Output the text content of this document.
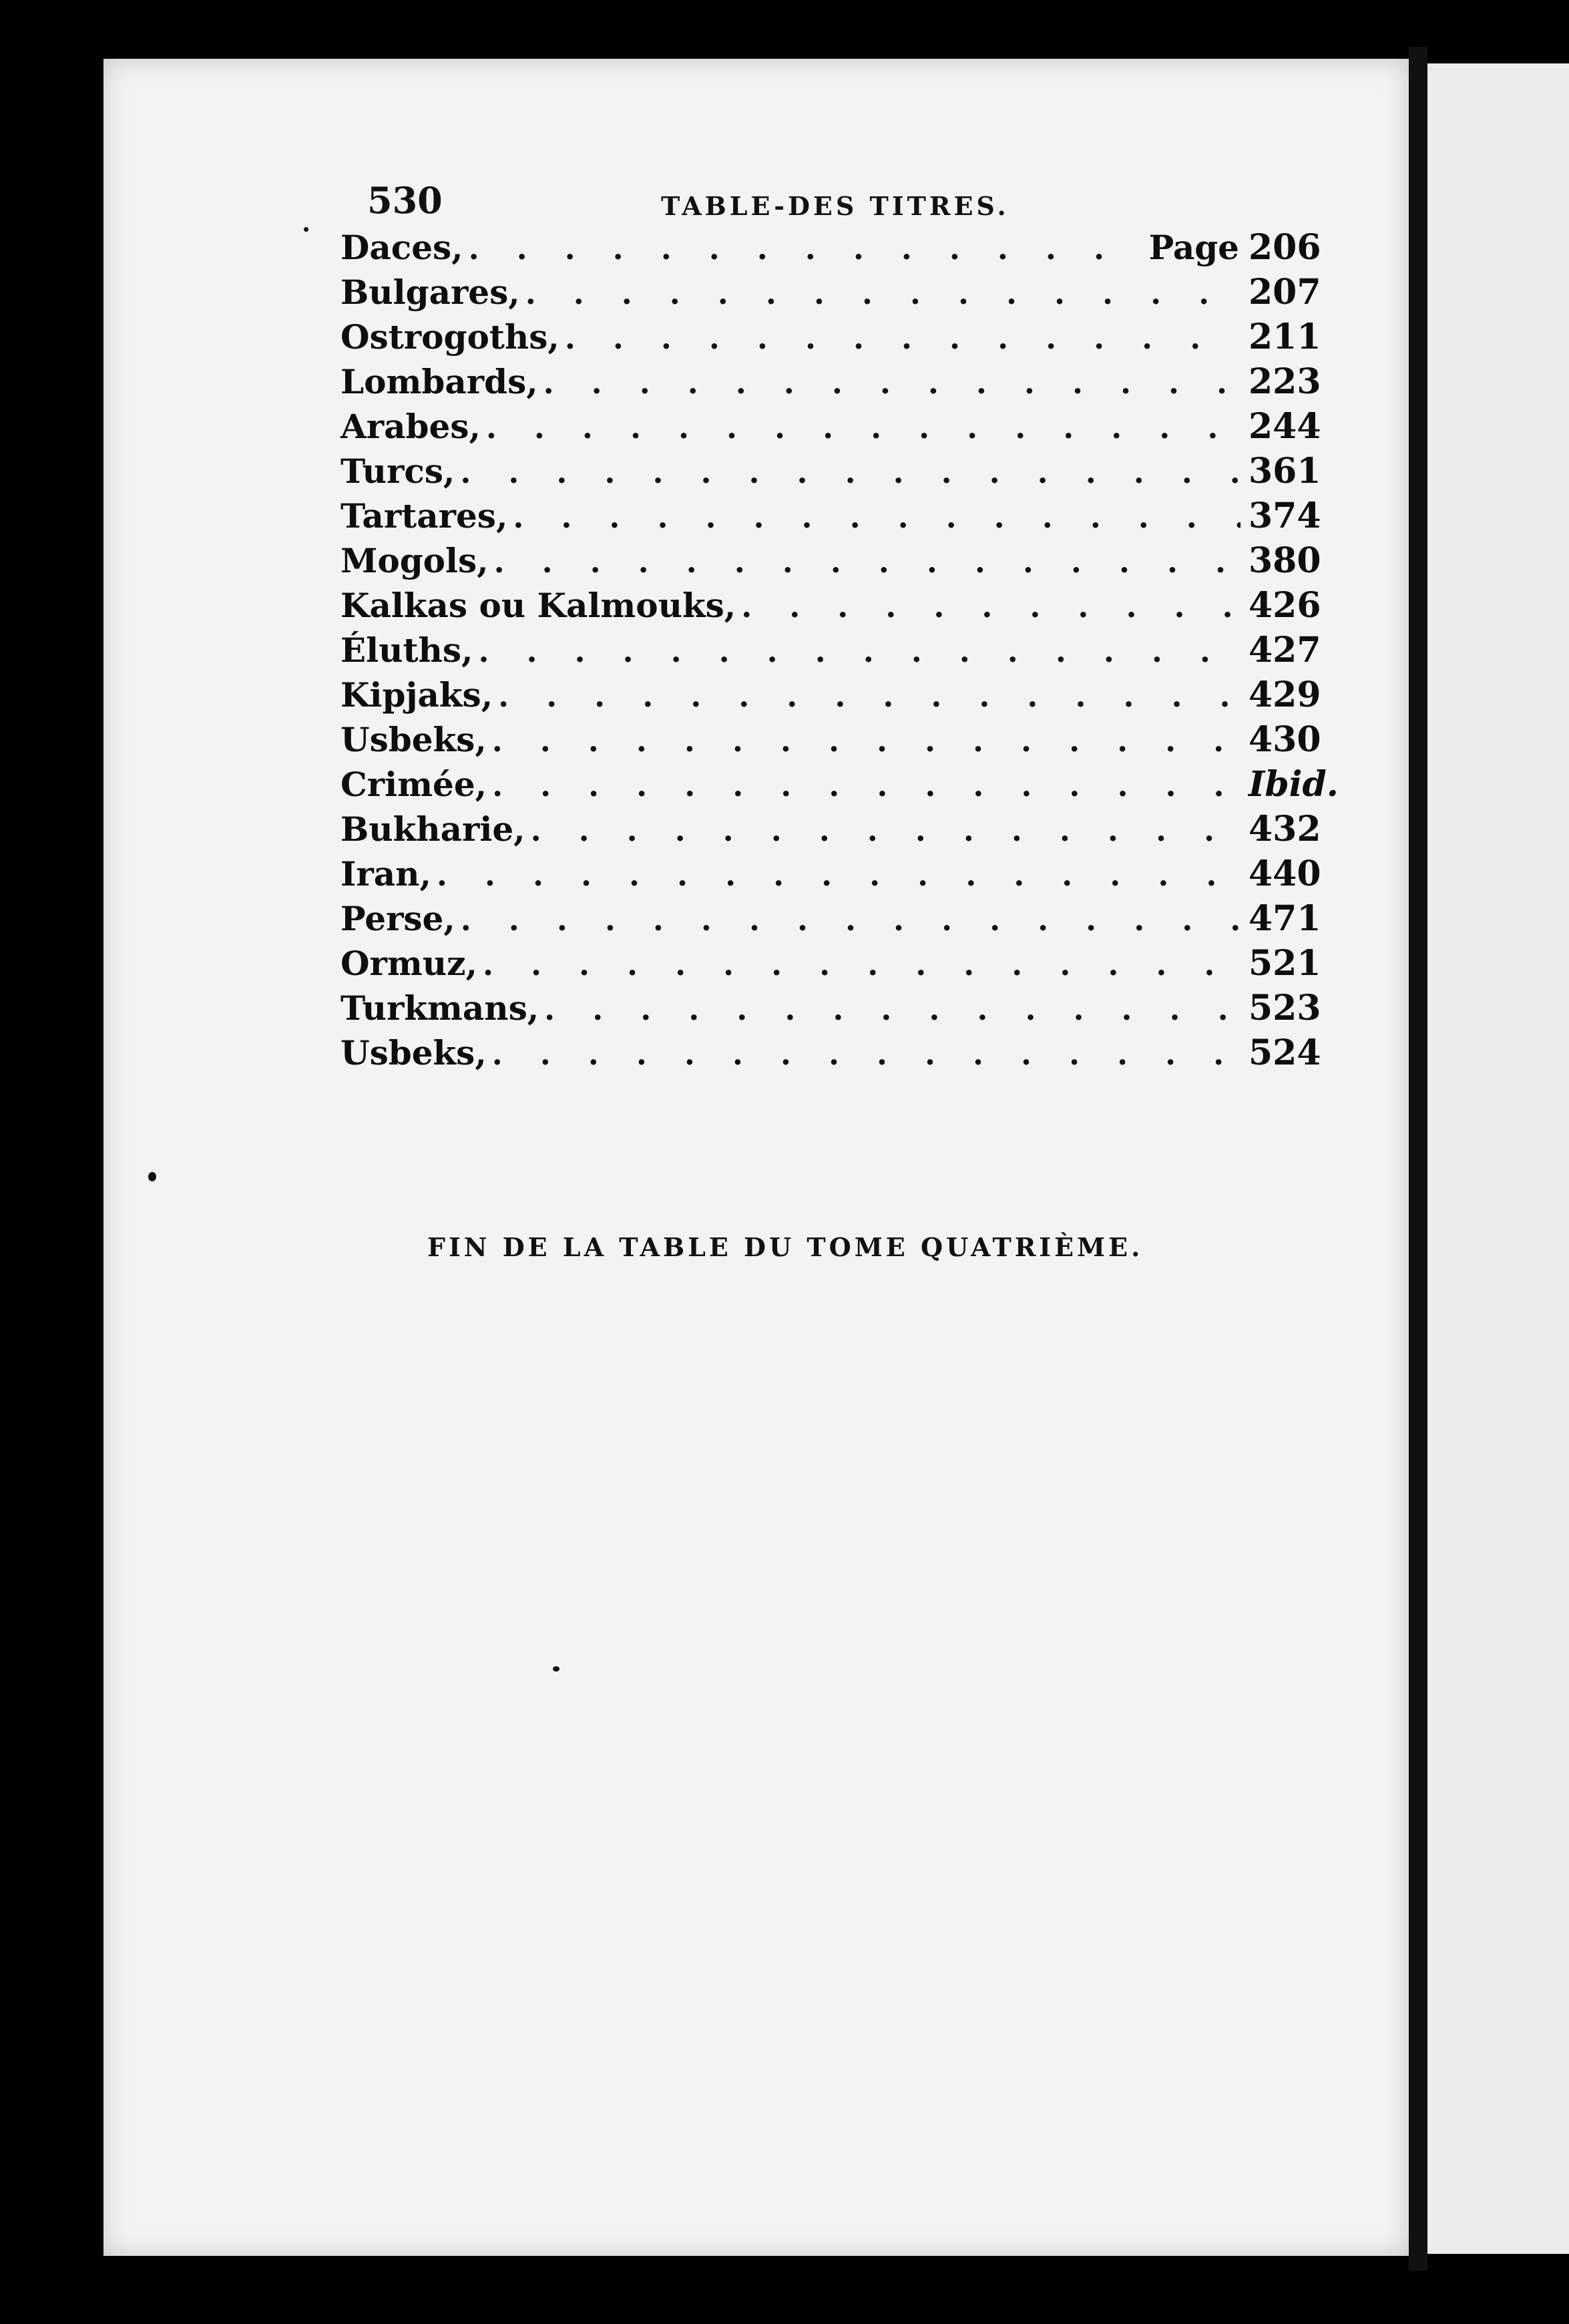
530	TABLE-DES TITRES.
Daces, . . .	Page 206
Bulgares, . . .	207
Ostrogoths, . . .	211
Lombards, . . .	223
Arabes, . . .	244
Turcs, . . .	361
Tartares, . . .	374
Mogols, . . .	380
Kalkas ou Kalmouks, . . .	426
Éluths, . . .	427
Kipjaks, . . .	429
Usbeks, . . .	430
Crimée, . . .	Ibid.
Bukharie, . . .	432
Iran, . . .	440
Perse, . . .	471
Ormuz, . . .	521
Turkmans, . . .	523
Usbeks, . . .	524
FIN DE LA TABLE DU TOME QUATRIÈME.
